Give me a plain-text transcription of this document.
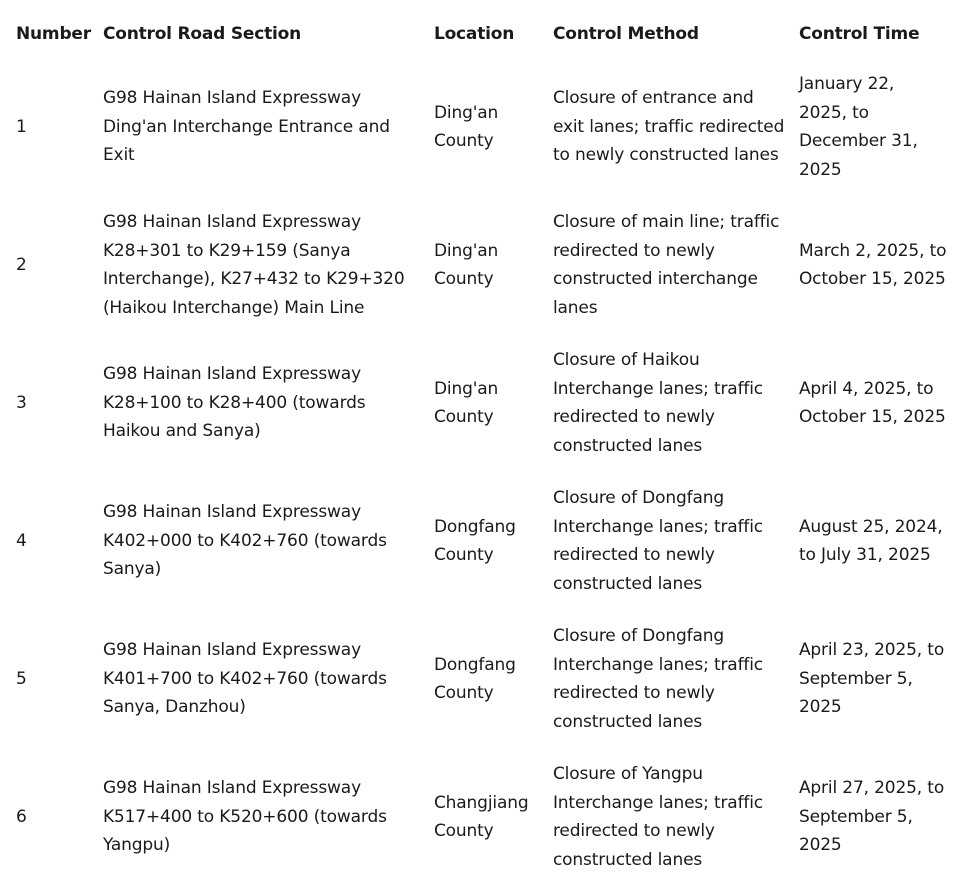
Number	Control Road Section	Location	Control Method	Control Time
1	G98 Hainan Island Expressway Ding'an Interchange Entrance and Exit	Ding'an County	Closure of entrance and exit lanes; traffic redirected to newly constructed lanes	January 22, 2025, to December 31, 2025
2	G98 Hainan Island Expressway K28+301 to K29+159 (Sanya Interchange), K27+432 to K29+320 (Haikou Interchange) Main Line	Ding'an County	Closure of main line; traffic redirected to newly constructed interchange lanes	March 2, 2025, to October 15, 2025
3	G98 Hainan Island Expressway K28+100 to K28+400 (towards Haikou and Sanya)	Ding'an County	Closure of Haikou Interchange lanes; traffic redirected to newly constructed lanes	April 4, 2025, to October 15, 2025
4	G98 Hainan Island Expressway K402+000 to K402+760 (towards Sanya)	Dongfang County	Closure of Dongfang Interchange lanes; traffic redirected to newly constructed lanes	August 25, 2024, to July 31, 2025
5	G98 Hainan Island Expressway K401+700 to K402+760 (towards Sanya, Danzhou)	Dongfang County	Closure of Dongfang Interchange lanes; traffic redirected to newly constructed lanes	April 23, 2025, to September 5, 2025
6	G98 Hainan Island Expressway K517+400 to K520+600 (towards Yangpu)	Changjiang County	Closure of Yangpu Interchange lanes; traffic redirected to newly constructed lanes	April 27, 2025, to September 5, 2025
